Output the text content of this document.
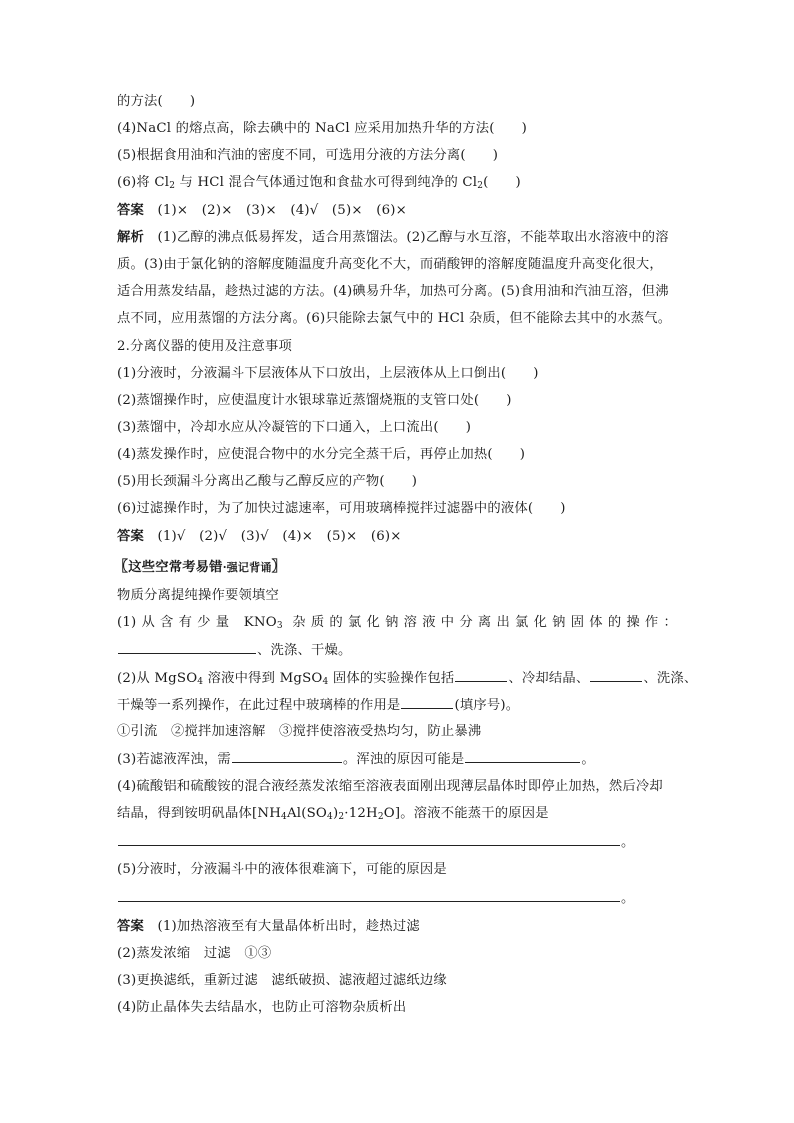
的方法(　　)
(4)NaCl 的熔点高，除去碘中的 NaCl 应采用加热升华的方法(　　)
(5)根据食用油和汽油的密度不同，可选用分液的方法分离(　　)
(6)将 $Cl_2$ 与 HCl 混合气体通过饱和食盐水可得到纯净的 $Cl_2$(　　)
答案　 (1)×　(2)×　(3)×　(4)√　(5)×　(6)×
解析　 (1)乙醇的沸点低易挥发，适合用蒸馏法。(2)乙醇与水互溶，不能萃取出水溶液中的溶
质。(3)由于氯化钠的溶解度随温度升高变化不大，而硝酸钾的溶解度随温度升高变化很大，
适合用蒸发结晶，趁热过滤的方法。(4)碘易升华，加热可分离。(5)食用油和汽油互溶，但沸
点不同，应用蒸馏的方法分离。(6)只能除去氯气中的 HCl 杂质，但不能除去其中的水蒸气。
2.分离仪器的使用及注意事项
(1)分液时，分液漏斗下层液体从下口放出，上层液体从上口倒出(　　)
(2)蒸馏操作时，应使温度计水银球靠近蒸馏烧瓶的支管口处(　　)
(3)蒸馏中，冷却水应从冷凝管的下口通入，上口流出(　　)
(4)蒸发操作时，应使混合物中的水分完全蒸干后，再停止加热(　　)
(5)用长颈漏斗分离出乙酸与乙醇反应的产物(　　)
(6)过滤操作时，为了加快过滤速率，可用玻璃棒搅拌过滤器中的液体(　　)
答案　 (1)√　(2)√　(3)√　(4)×　(5)×　(6)×
〖这些空常考易错·强记背诵〗
物质分离提纯操作要领填空
(1)从含有少量 $KNO_3$ 杂质的氯化钠溶液中分离出氯化钠固体的操作：
、洗涤、干燥。
(2)从 MgSO$_4$ 溶液中得到 MgSO$_4$ 固体的实验操作包括	、冷却结晶、	、洗涤、
干燥等一系列操作，在此过程中玻璃棒的作用是	(填序号)。
①引流　②搅拌加速溶解　③搅拌使溶液受热均匀，防止暴沸
(3)若滤液浑浊，需	。浑浊的原因可能是	。
(4)硫酸铝和硫酸铵的混合液经蒸发浓缩至溶液表面刚出现薄层晶体时即停止加热，然后冷却
结晶，得到铵明矾晶体$[NH_4Al(SO_4)_2\cdot 12H_2O]$。溶液不能蒸干的原因是
。
(5)分液时，分液漏斗中的液体很难滴下，可能的原因是
。
答案　 (1)加热溶液至有大量晶体析出时，趁热过滤
(2)蒸发浓缩　过滤　①③
(3)更换滤纸，重新过滤　滤纸破损、滤液超过滤纸边缘
(4)防止晶体失去结晶水，也防止可溶物杂质析出
